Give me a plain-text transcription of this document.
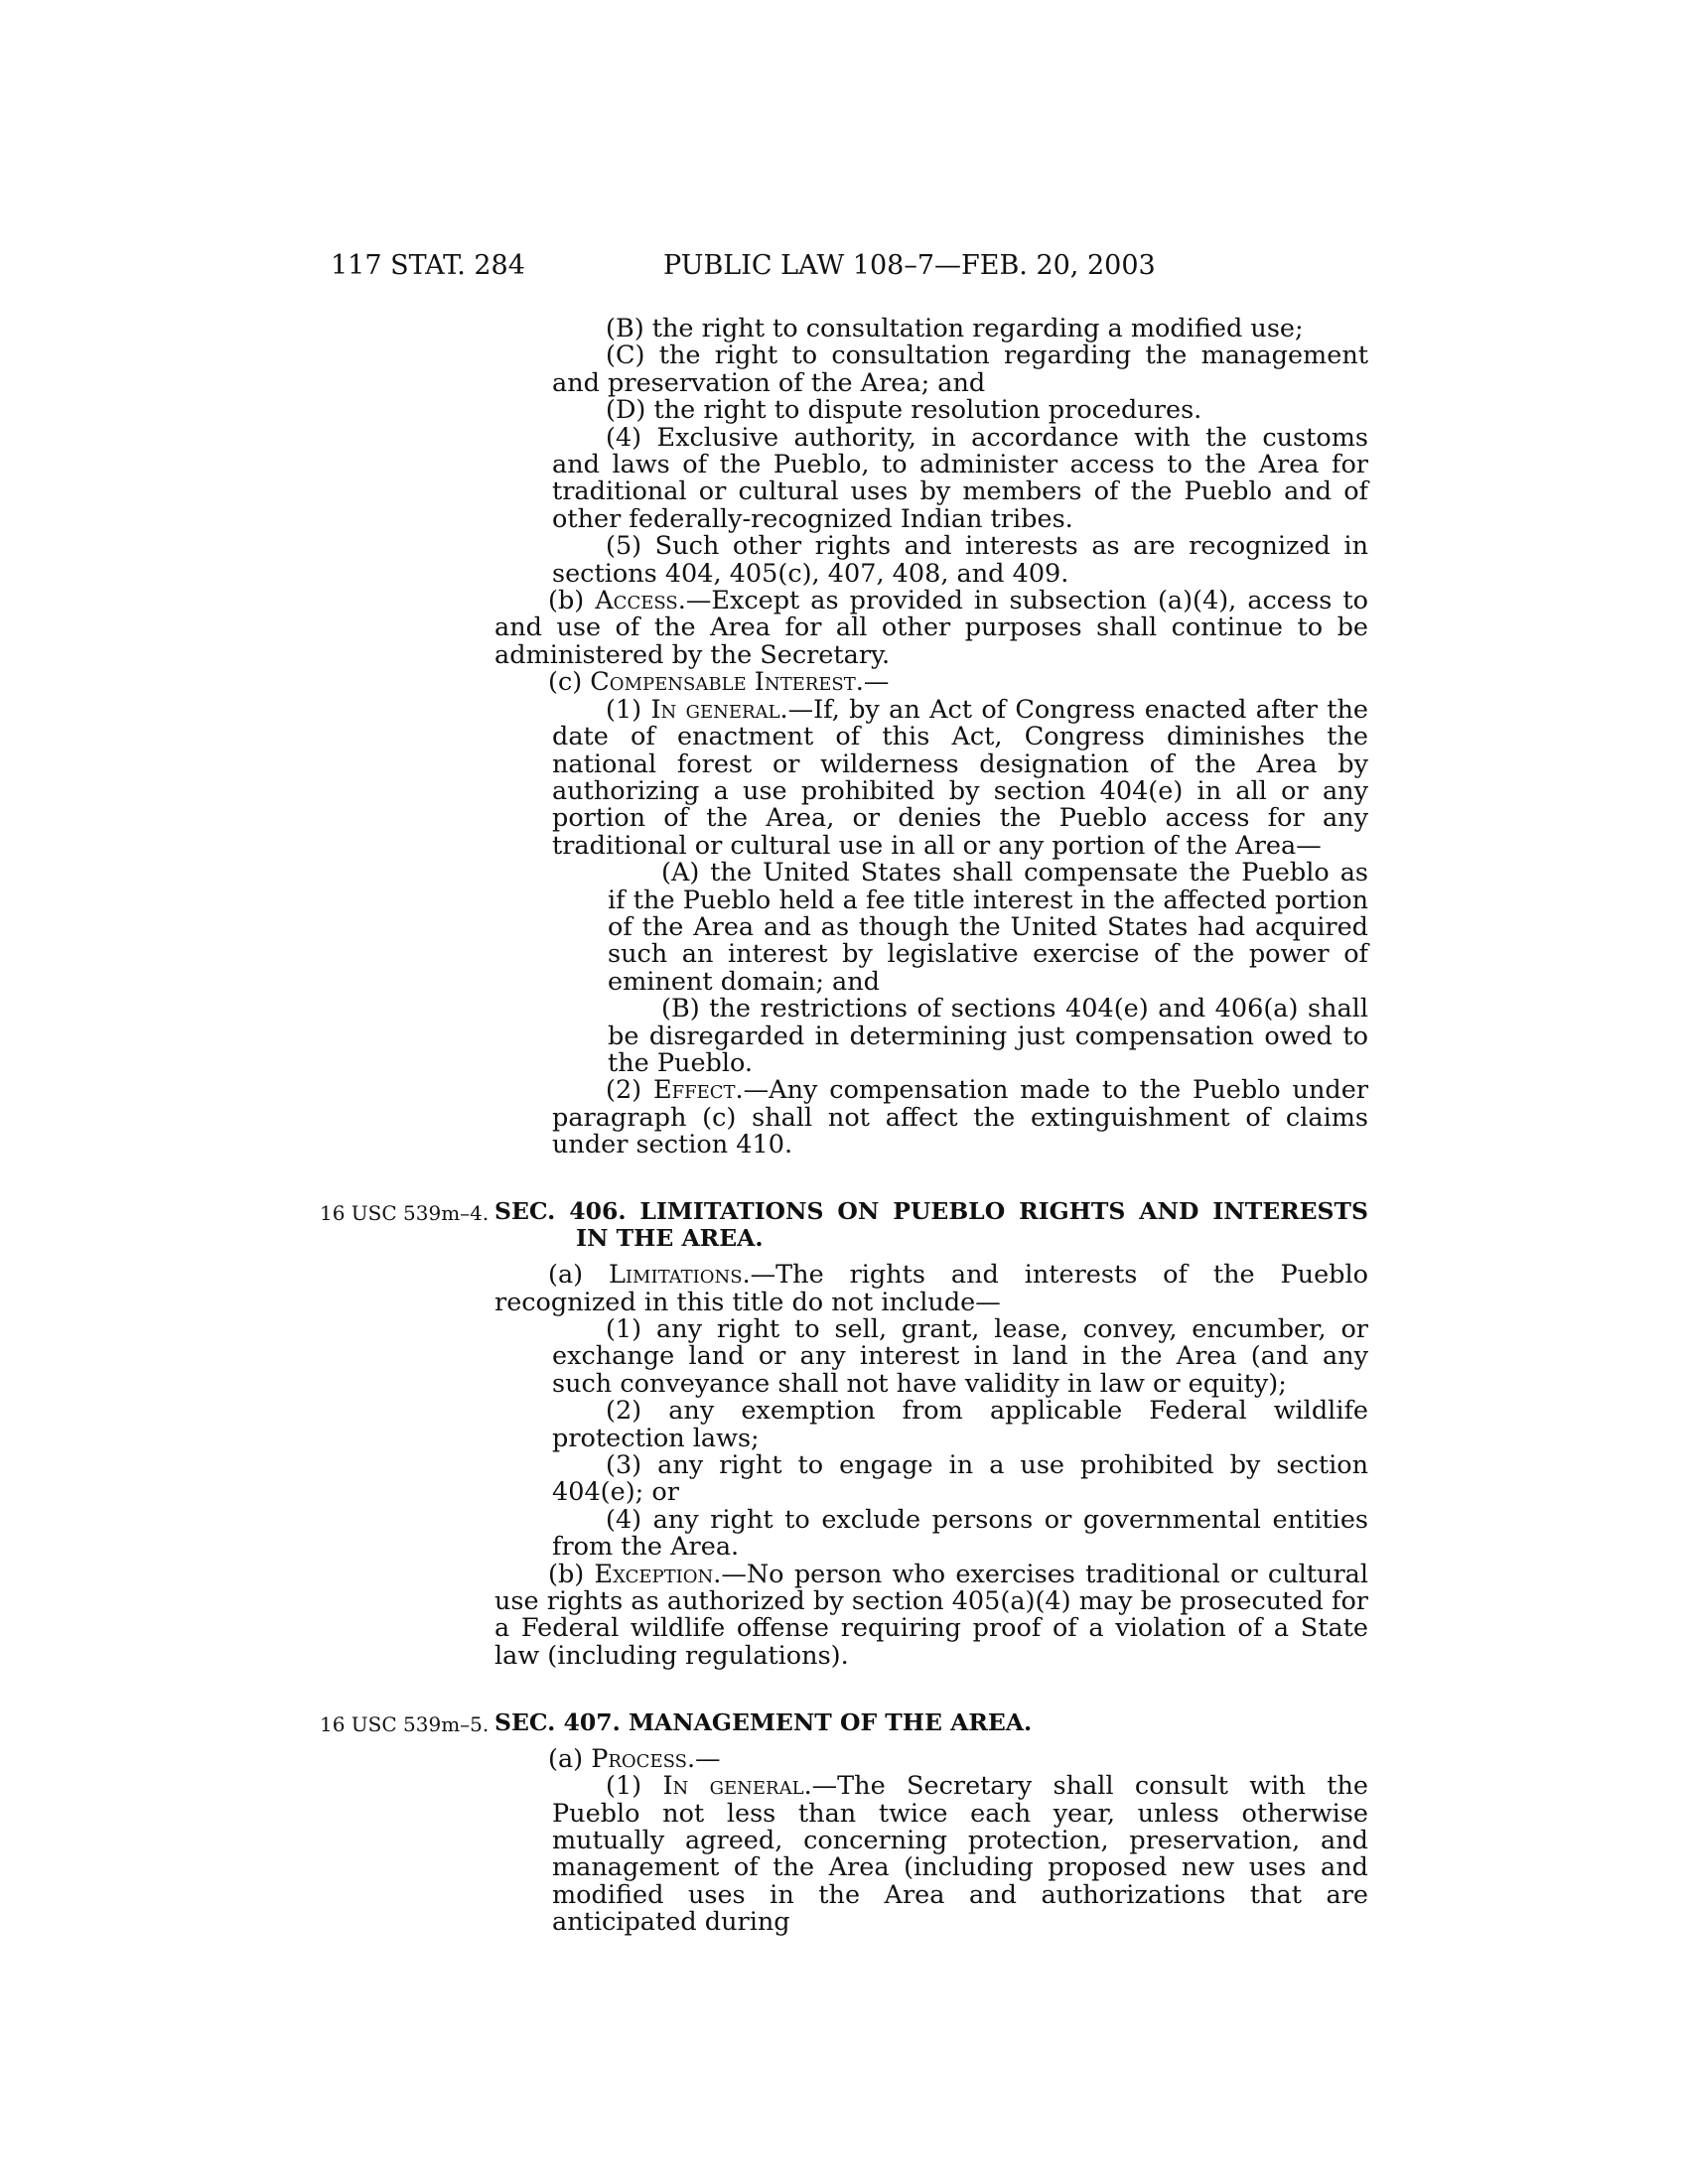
117 STAT. 284	PUBLIC LAW 108–7—FEB. 20, 2003

(B) the right to consultation regarding a modified use;

(C) the right to consultation regarding the management and preservation of the Area; and

(D) the right to dispute resolution procedures.

(4) Exclusive authority, in accordance with the customs and laws of the Pueblo, to administer access to the Area for traditional or cultural uses by members of the Pueblo and of other federally-recognized Indian tribes.

(5) Such other rights and interests as are recognized in sections 404, 405(c), 407, 408, and 409.

(b) Access.—Except as provided in subsection (a)(4), access to and use of the Area for all other purposes shall continue to be administered by the Secretary.

(c) Compensable Interest.—

(1) In general.—If, by an Act of Congress enacted after the date of enactment of this Act, Congress diminishes the national forest or wilderness designation of the Area by authorizing a use prohibited by section 404(e) in all or any portion of the Area, or denies the Pueblo access for any traditional or cultural use in all or any portion of the Area—

(A) the United States shall compensate the Pueblo as if the Pueblo held a fee title interest in the affected portion of the Area and as though the United States had acquired such an interest by legislative exercise of the power of eminent domain; and

(B) the restrictions of sections 404(e) and 406(a) shall be disregarded in determining just compensation owed to the Pueblo.

(2) Effect.—Any compensation made to the Pueblo under paragraph (c) shall not affect the extinguishment of claims under section 410.

16 USC 539m–4. SEC. 406. LIMITATIONS ON PUEBLO RIGHTS AND INTERESTS IN THE AREA.

(a) Limitations.—The rights and interests of the Pueblo recognized in this title do not include—

(1) any right to sell, grant, lease, convey, encumber, or exchange land or any interest in land in the Area (and any such conveyance shall not have validity in law or equity);

(2) any exemption from applicable Federal wildlife protection laws;

(3) any right to engage in a use prohibited by section 404(e); or

(4) any right to exclude persons or governmental entities from the Area.

(b) Exception.—No person who exercises traditional or cultural use rights as authorized by section 405(a)(4) may be prosecuted for a Federal wildlife offense requiring proof of a violation of a State law (including regulations).

16 USC 539m–5. SEC. 407. MANAGEMENT OF THE AREA.

(a) Process.—

(1) In general.—The Secretary shall consult with the Pueblo not less than twice each year, unless otherwise mutually agreed, concerning protection, preservation, and management of the Area (including proposed new uses and modified uses in the Area and authorizations that are anticipated during
